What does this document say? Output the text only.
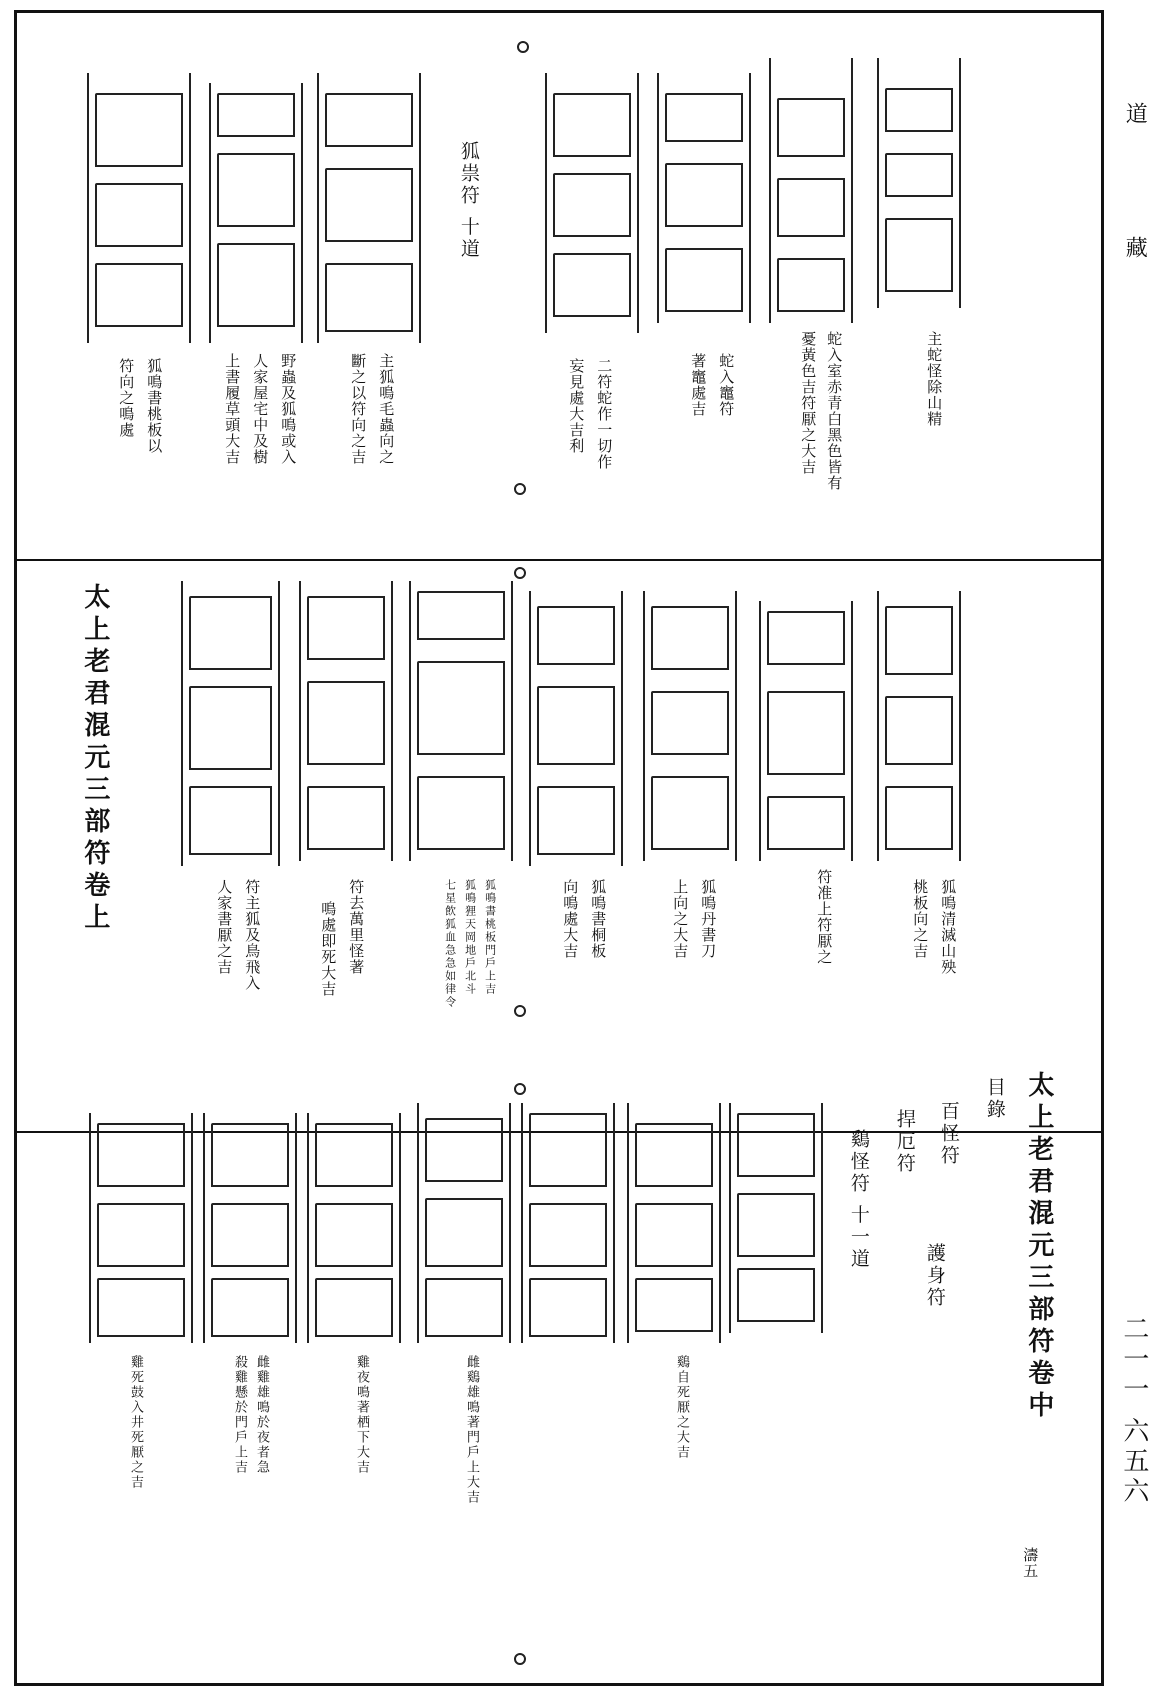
道
藏
二一一 六五六
狐祟符 十道
主蛇怪除山精
蛇入室赤青白黑色皆有
憂黃色吉符厭之大吉
蛇入竈符
著竈處吉
二符蛇作一切作
妄見處大吉利
主狐鳴毛蟲向之
斷之以符向之吉
野蟲及狐鳴或入
人家屋宅中及樹
上書履草頭大吉
狐鳴書桃板以
符向之鳴處
太上老君混元三部符卷上	狐鳴清滅山殃
桃板向之吉
符准上符厭之
狐鳴丹書刀
上向之大吉
狐鳴書桐板
向鳴處大吉
狐鳴書桃板門戶上吉
狐鳴狸天岡地戶北斗
七星飲狐血急急如律令
符去萬里怪著
鳴處即死大吉
符主狐及鳥飛入
人家書厭之吉
太上老君混元三部符卷中
目錄
百怪符
捍厄符
護身符
鷄怪符 十一道
濤五
鷄自死厭之大吉
雌鷄雄鳴著門戶上大吉
雞夜鳴著栖下大吉
雌雞雄鳴於夜者急
殺雞懸於門戶上吉
雞死鼓入井死厭之吉
